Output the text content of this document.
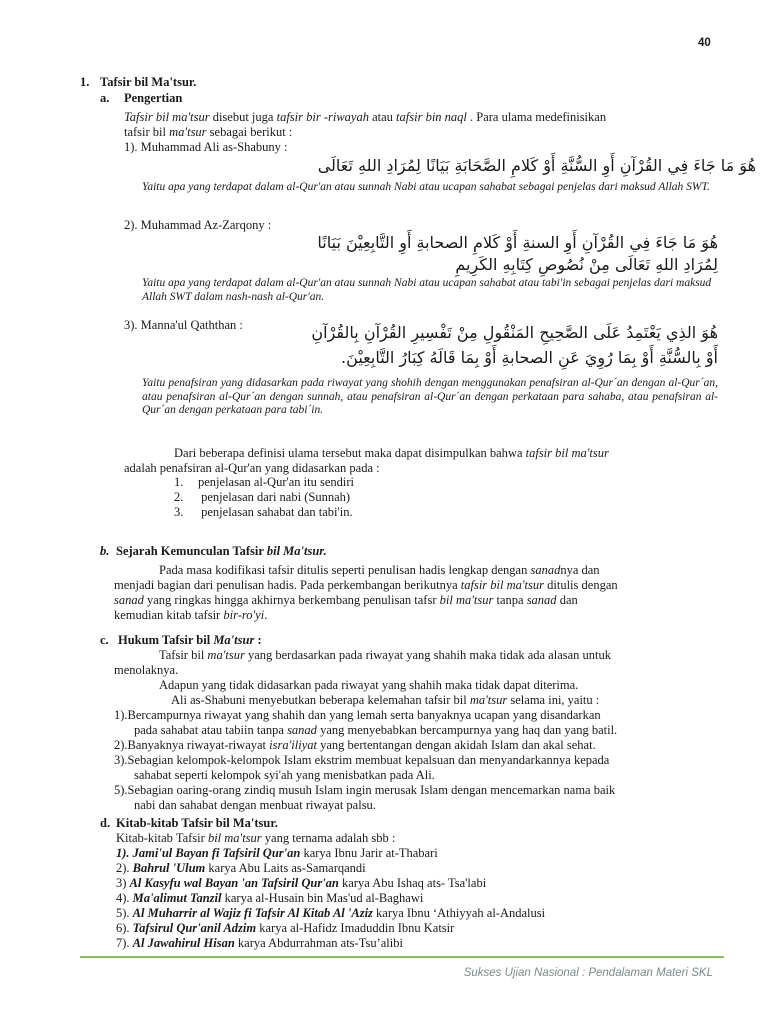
40
1. Tafsir bil Ma'tsur.
a. Pengertian
Tafsir bil ma'tsur disebut juga tafsir bir -riwayah atau tafsir bin naql . Para ulama medefinisikan
tafsir bil ma'tsur sebagai berikut :
1). Muhammad Ali as-Shabuny :
هُوَ مَا جَاءَ فِي القُرْآنِ أَوِ السُّنَّةِ أَوْ كَلامِ الصَّحَابَةِ بَيَانًا لِمُرَادِ اللهِ تَعَالَى
Yaitu apa yang terdapat dalam al-Qur'an atau sunnah Nabi atau ucapan sahabat sebagai penjelas dari maksud Allah SWT.
2). Muhammad Az-Zarqony :
هُوَ مَا جَاءَ فِي القُرْآنِ أَوِ السنةِ أَوْ كَلامِ الصحابةِ أَوِ التَّابِعِيْنَ بَيَانًا
لِمُرَادِ اللهِ تَعَالَى مِنْ نُصُوصِ كِتَابِهِ الكَرِيمِ
Yaitu apa yang terdapat dalam al-Qur'an atau sunnah Nabi atau ucapan sahabat atau tabi'in sebagai penjelas dari maksud Allah SWT dalam nash-nash al-Qur'an.
3). Manna'ul Qaththan :	هُوَ الذِي يَعْتَمِدُ عَلَى الصَّحِيحِ المَنْقُولِ مِنْ تَفْسِيرِ القُرْآنِ بِالقُرْآنِ
أَوْ بِالسُّنَّةِ أَوْ بِمَا رُوِيَ عَنِ الصحابةِ أَوْ بِمَا قَالَهُ كِبَارُ التَّابِعِيْنَ.
Yaitu penafsiran yang didasarkan pada riwayat yang shohih dengan menggunakan penafsiran al-Qur´an dengan al-Qur´an, atau penafsiran al-Qur´an dengan sunnah, atau penafsiran al-Qur´an dengan perkataan para sahaba, atau penafsiran al-Qur´an dengan perkataan para tabi´in.
Dari beberapa definisi ulama tersebut maka dapat disimpulkan bahwa tafsir bil ma'tsur
adalah penafsiran al-Qur'an yang didasarkan pada :
1. penjelasan al-Qur'an itu sendiri
2. penjelasan dari nabi (Sunnah)
3. penjelasan sahabat dan tabi'in.
b. Sejarah Kemunculan Tafsir bil Ma'tsur.
Pada masa kodifikasi tafsir ditulis seperti penulisan hadis lengkap dengan sanadnya dan
menjadi bagian dari penulisan hadis. Pada perkembangan berikutnya tafsir bil ma'tsur ditulis dengan
sanad yang ringkas hingga akhirnya berkembang penulisan tafsr bil ma'tsur tanpa sanad dan
kemudian kitab tafsir bir-ro'yi.
c. Hukum Tafsir bil Ma'tsur :
Tafsir bil ma'tsur yang berdasarkan pada riwayat yang shahih maka tidak ada alasan untuk
menolaknya.
Adapun yang tidak didasarkan pada riwayat yang shahih maka tidak dapat diterima.
Ali as-Shabuni menyebutkan beberapa kelemahan tafsir bil ma'tsur selama ini, yaitu :
1).Bercampurnya riwayat yang shahih dan yang lemah serta banyaknya ucapan yang disandarkan
pada sahabat atau tabiin tanpa sanad yang menyebabkan bercampurnya yang haq dan yang batil.
2).Banyaknya riwayat-riwayat isra'iliyat yang bertentangan dengan akidah Islam dan akal sehat.
3).Sebagian kelompok-kelompok Islam ekstrim membuat kepalsuan dan menyandarkannya kepada
sahabat seperti kelompok syi'ah yang menisbatkan pada Ali.
5).Sebagian oaring-orang zindiq musuh Islam ingin merusak Islam dengan mencemarkan nama baik
nabi dan sahabat dengan menbuat riwayat palsu.
d. Kitab-kitab Tafsir bil Ma'tsur.
Kitab-kitab Tafsir bil ma'tsur yang ternama adalah sbb :
1). Jami'ul Bayan fi Tafsiril Qur'an karya Ibnu Jarir at-Thabari
2). Bahrul 'Ulum karya Abu Laits as-Samarqandi
3) Al Kasyfu wal Bayan 'an Tafsiril Qur'an karya Abu Ishaq ats- Tsa'labi
4). Ma'alimut Tanzil karya al-Husain bin Mas'ud al-Baghawi
5). Al Muharrir al Wajiz fi Tafsir Al Kitab Al 'Aziz karya Ibnu ‘Athiyyah al-Andalusi
6). Tafsirul Qur'anil Adzim karya al-Hafidz Imaduddin Ibnu Katsir
7). Al Jawahirul Hisan karya Abdurrahman ats-Tsu’alibi
Sukses Ujian Nasional : Pendalaman Materi SKL
